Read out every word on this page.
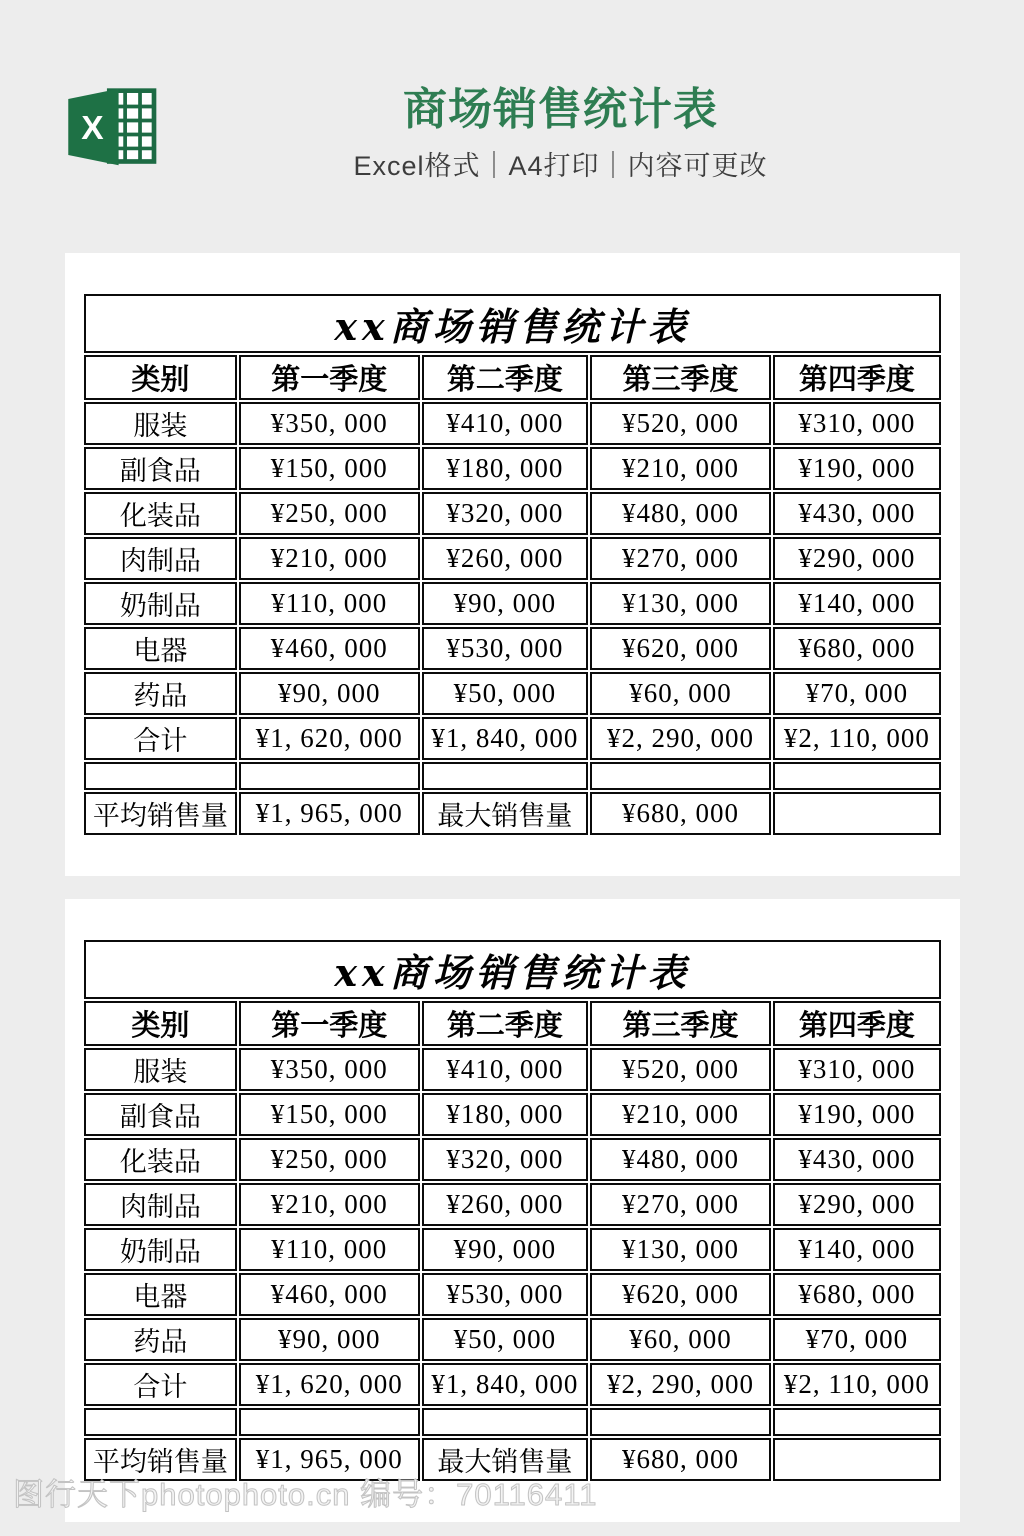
X	商场销售统计表

Excel格式｜A4打印｜内容可更改

xx商场销售统计表				
类别	第一季度	第二季度	第三季度	第四季度
服装	¥350, 000	¥410, 000	¥520, 000	¥310, 000
副食品	¥150, 000	¥180, 000	¥210, 000	¥190, 000
化装品	¥250, 000	¥320, 000	¥480, 000	¥430, 000
肉制品	¥210, 000	¥260, 000	¥270, 000	¥290, 000
奶制品	¥110, 000	¥90, 000	¥130, 000	¥140, 000
电器	¥460, 000	¥530, 000	¥620, 000	¥680, 000
药品	¥90, 000	¥50, 000	¥60, 000	¥70, 000
合计	¥1, 620, 000	¥1, 840, 000	¥2, 290, 000	¥2, 110, 000

平均销售量	¥1, 965, 000	最大销售量	¥680, 000	
xx商场销售统计表				
类别	第一季度	第二季度	第三季度	第四季度
服装	¥350, 000	¥410, 000	¥520, 000	¥310, 000
副食品	¥150, 000	¥180, 000	¥210, 000	¥190, 000
化装品	¥250, 000	¥320, 000	¥480, 000	¥430, 000
肉制品	¥210, 000	¥260, 000	¥270, 000	¥290, 000
奶制品	¥110, 000	¥90, 000	¥130, 000	¥140, 000
电器	¥460, 000	¥530, 000	¥620, 000	¥680, 000
药品	¥90, 000	¥50, 000	¥60, 000	¥70, 000
合计	¥1, 620, 000	¥1, 840, 000	¥2, 290, 000	¥2, 110, 000

平均销售量	¥1, 965, 000	最大销售量	¥680, 000	
图行天下photophoto.cn 编号：70116411
